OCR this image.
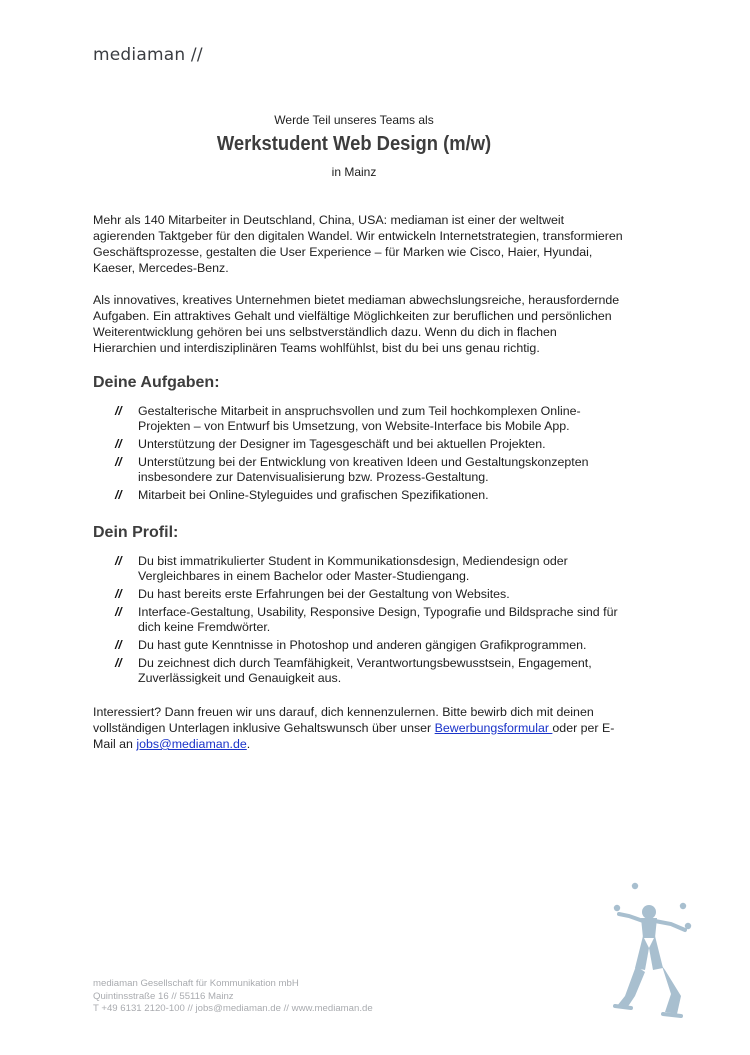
mediaman //
Werde Teil unseres Teams als
Werkstudent Web Design (m/w)
in Mainz

Mehr als 140 Mitarbeiter in Deutschland, China, USA: mediaman ist einer der weltweit agierenden Taktgeber für den digitalen Wandel. Wir entwickeln Internetstrategien, transformieren Geschäftsprozesse, gestalten die User Experience – für Marken wie Cisco, Haier, Hyundai, Kaeser, Mercedes-Benz.

Als innovatives, kreatives Unternehmen bietet mediaman abwechslungsreiche, herausfordernde Aufgaben. Ein attraktives Gehalt und vielfältige Möglichkeiten zur beruflichen und persönlichen Weiterentwicklung gehören bei uns selbstverständlich dazu. Wenn du dich in flachen Hierarchien und interdisziplinären Teams wohlfühlst, bist du bei uns genau richtig.

Deine Aufgaben:
// Gestalterische Mitarbeit in anspruchsvollen und zum Teil hochkomplexen Online-Projekten – von Entwurf bis Umsetzung, von Website-Interface bis Mobile App.
// Unterstützung der Designer im Tagesgeschäft und bei aktuellen Projekten.
// Unterstützung bei der Entwicklung von kreativen Ideen und Gestaltungskonzepten insbesondere zur Datenvisualisierung bzw. Prozess-Gestaltung.
// Mitarbeit bei Online-Styleguides und grafischen Spezifikationen.
Dein Profil:
// Du bist immatrikulierter Student in Kommunikationsdesign, Mediendesign oder Vergleichbares in einem Bachelor oder Master-Studiengang.
// Du hast bereits erste Erfahrungen bei der Gestaltung von Websites.
// Interface-Gestaltung, Usability, Responsive Design, Typografie und Bildsprache sind für dich keine Fremdwörter.
// Du hast gute Kenntnisse in Photoshop und anderen gängigen Grafikprogrammen.
// Du zeichnest dich durch Teamfähigkeit, Verantwortungsbewusstsein, Engagement, Zuverlässigkeit und Genauigkeit aus.

Interessiert? Dann freuen wir uns darauf, dich kennenzulernen. Bitte bewirb dich mit deinen vollständigen Unterlagen inklusive Gehaltswunsch über unser Bewerbungsformular oder per E-Mail an jobs@mediaman.de.

mediaman Gesellschaft für Kommunikation mbH
Quintinsstraße 16 // 55116 Mainz
T +49 6131 2120-100 // jobs@mediaman.de // www.mediaman.de
